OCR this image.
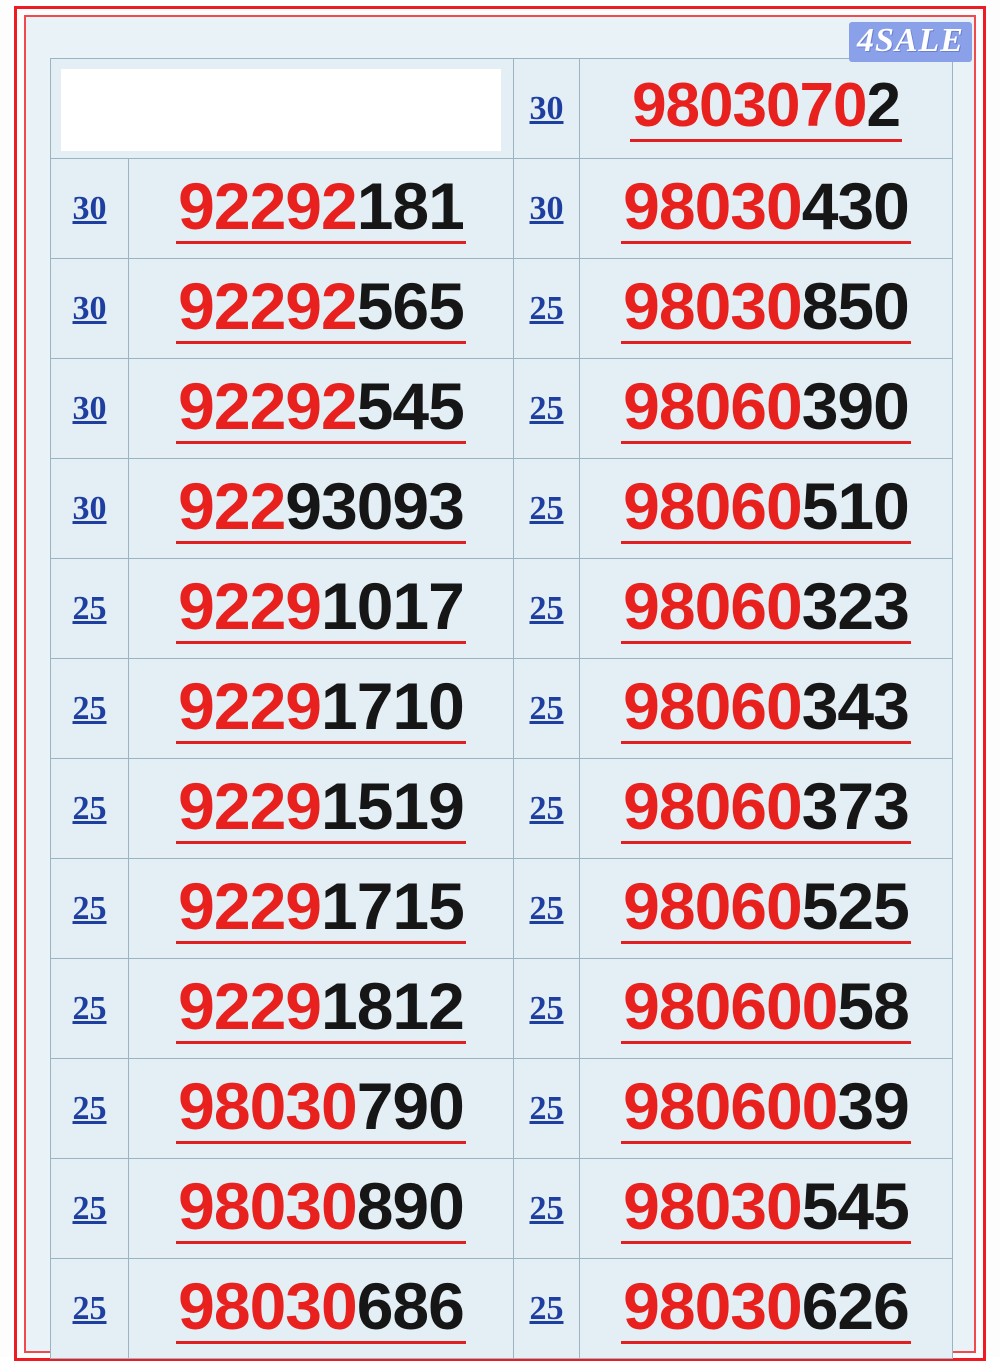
4SALE
		30	98030702
30	92292181	30	98030430
30	92292565	25	98030850
30	92292545	25	98060390
30	92293093	25	98060510
25	92291017	25	98060323
25	92291710	25	98060343
25	92291519	25	98060373
25	92291715	25	98060525
25	92291812	25	98060058
25	98030790	25	98060039
25	98030890	25	98030545
25	98030686	25	98030626
